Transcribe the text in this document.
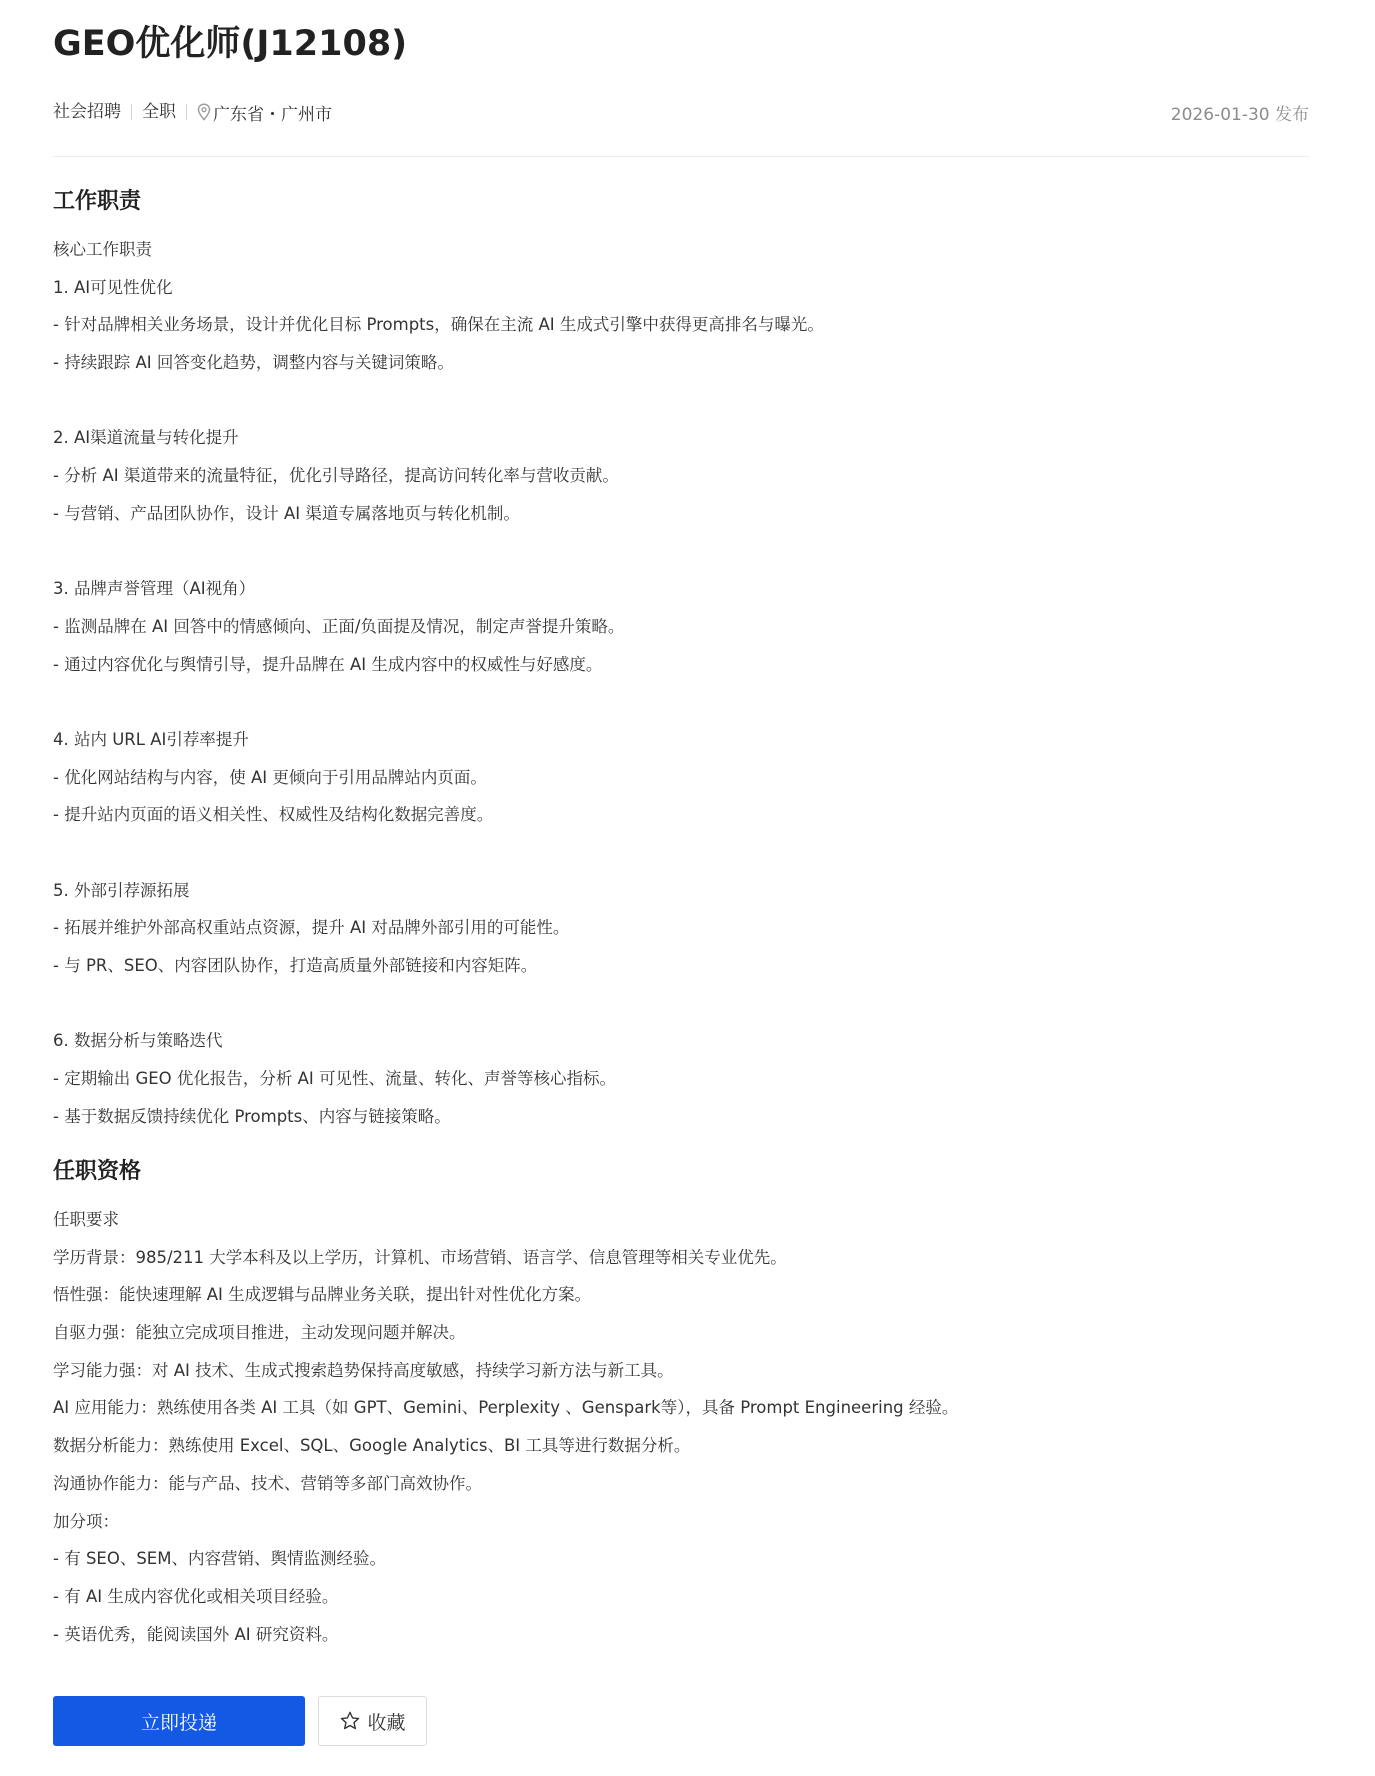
GEO优化师(J12108)
社会招聘 全职 广东省・广州市	2026-01-30 发布
工作职责
核心工作职责
1. AI可见性优化
- 针对品牌相关业务场景，设计并优化目标 Prompts，确保在主流 AI 生成式引擎中获得更高排名与曝光。
- 持续跟踪 AI 回答变化趋势，调整内容与关键词策略。
2. AI渠道流量与转化提升
- 分析 AI 渠道带来的流量特征，优化引导路径，提高访问转化率与营收贡献。
- 与营销、产品团队协作，设计 AI 渠道专属落地页与转化机制。
3. 品牌声誉管理（AI视角）
- 监测品牌在 AI 回答中的情感倾向、正面/负面提及情况，制定声誉提升策略。
- 通过内容优化与舆情引导，提升品牌在 AI 生成内容中的权威性与好感度。
4. 站内 URL AI引荐率提升
- 优化网站结构与内容，使 AI 更倾向于引用品牌站内页面。
- 提升站内页面的语义相关性、权威性及结构化数据完善度。
5. 外部引荐源拓展
- 拓展并维护外部高权重站点资源，提升 AI 对品牌外部引用的可能性。
- 与 PR、SEO、内容团队协作，打造高质量外部链接和内容矩阵。
6. 数据分析与策略迭代
- 定期输出 GEO 优化报告，分析 AI 可见性、流量、转化、声誉等核心指标。
- 基于数据反馈持续优化 Prompts、内容与链接策略。
任职资格
任职要求
学历背景：985/211 大学本科及以上学历，计算机、市场营销、语言学、信息管理等相关专业优先。
悟性强：能快速理解 AI 生成逻辑与品牌业务关联，提出针对性优化方案。
自驱力强：能独立完成项目推进，主动发现问题并解决。
学习能力强：对 AI 技术、生成式搜索趋势保持高度敏感，持续学习新方法与新工具。
AI 应用能力：熟练使用各类 AI 工具（如 GPT、Gemini、Perplexity 、Genspark等），具备 Prompt Engineering 经验。
数据分析能力：熟练使用 Excel、SQL、Google Analytics、BI 工具等进行数据分析。
沟通协作能力：能与产品、技术、营销等多部门高效协作。
加分项：
- 有 SEO、SEM、内容营销、舆情监测经验。
- 有 AI 生成内容优化或相关项目经验。
- 英语优秀，能阅读国外 AI 研究资料。
立即投递	收藏
